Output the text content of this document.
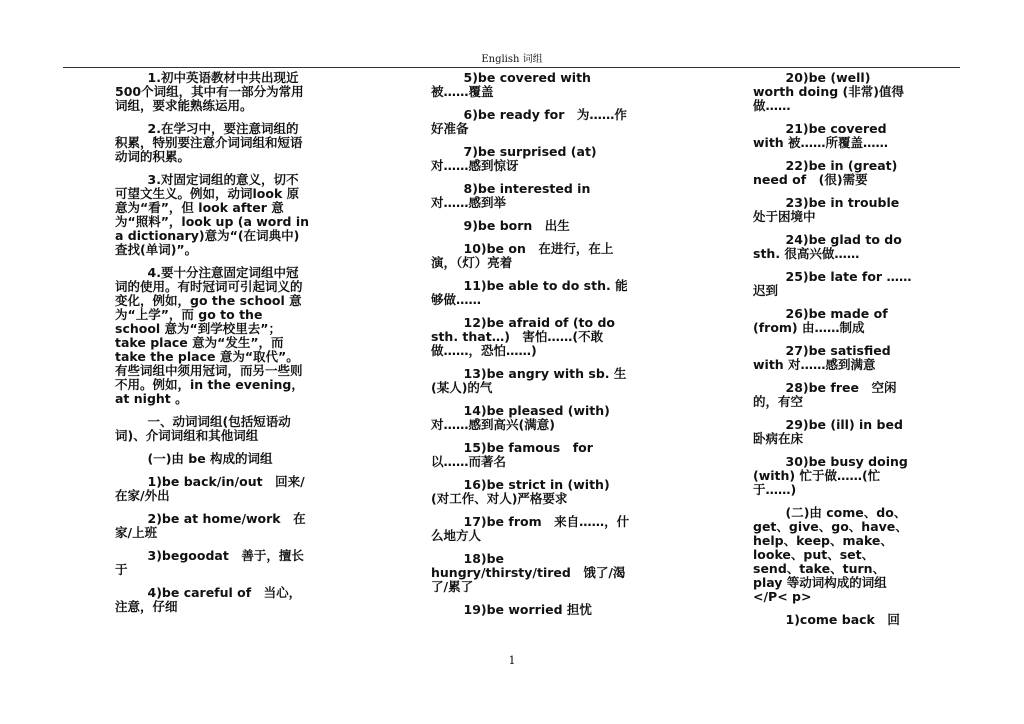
English 词组

1.初中英语教材中共出现近500个词组，其中有一部分为常用词组，要求能熟练运用。

2.在学习中，要注意词组的积累，特别要注意介词词组和短语动词的积累。

3.对固定词组的意义，切不可望文生义。例如，动词look 原意为“看”，但 look after 意为“照料”，look up (a word in a dictionary)意为“(在词典中)查找(单词)”。

4.要十分注意固定词组中冠词的使用。有时冠词可引起词义的变化，例如，go the school 意为“上学”，而 go to the school 意为“到学校里去”；take place 意为“发生”，而 take the place 意为“取代”。有些词组中须用冠词，而另一些则不用。例如，in the evening，at night 。

一、动词词组(包括短语动词)、介词词组和其他词组

(一)由 be 构成的词组

1)be back/in/out　回来/在家/外出

2)be at home/work　在家/上班

3)begoodat　善于，擅长于

4)be careful of　当心，注意，仔细

5)be covered with　被……覆盖

6)be ready for　为……作好准备

7)be surprised (at) 对……感到惊讶

8)be interested in　对……感到举

9)be born　出生

10)be on　在进行，在上演，（灯）亮着

11)be able to do sth. 能够做……

12)be afraid of (to do sth. that…)　害怕……(不敢做……，恐怕……)

13)be angry with sb. 生(某人)的气

14)be pleased (with) 对……感到高兴(满意)

15)be famous　for 以……而著名

16)be strict in (with) (对工作、对人)严格要求

17)be from　来自……，什么地方人

18)be hungry/thirsty/tired　饿了/渴了/累了

19)be worried 担忧

20)be (well) worth doing (非常)值得做……

21)be covered with 被……所覆盖……

22)be in (great) need of　(很)需要

23)be in trouble 处于困境中

24)be glad to do sth. 很高兴做……

25)be late for ……迟到

26)be made of (from) 由……制成

27)be satisfied with 对……感到满意

28)be free　空闲的，有空

29)be (ill) in bed 卧病在床

30)be busy doing (with) 忙于做……(忙于……)

(二)由 come、do、get、give、go、have、help、keep、make、looke、put、set、send、take、turn、play 等动词构成的词组</P< p>

1)come back　回

1
